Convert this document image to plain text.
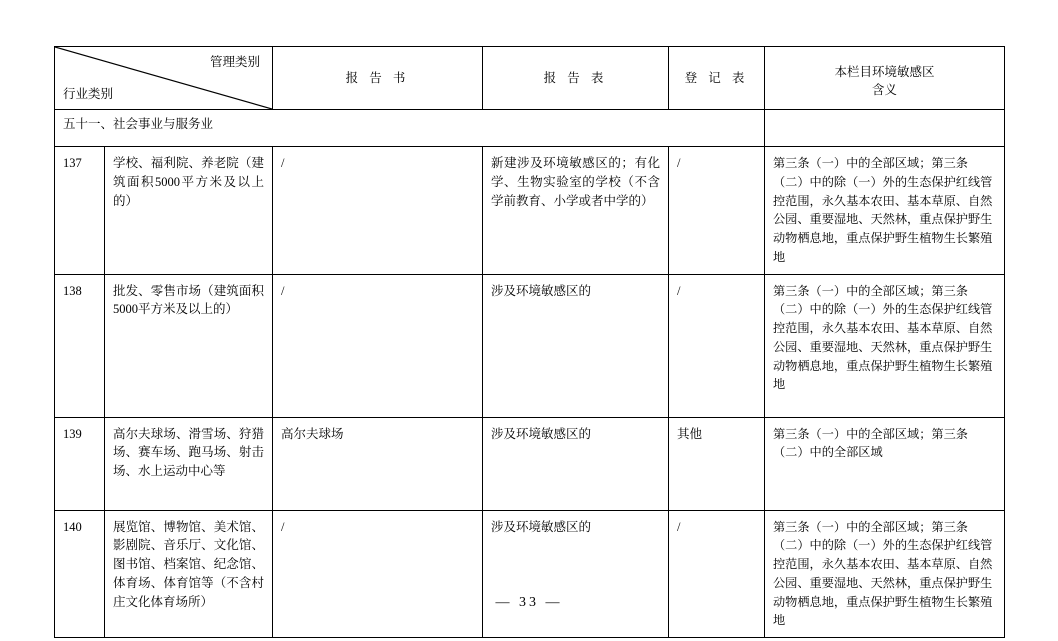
管理类别
行业类别		报 告 书	报 告 表	登 记 表	本栏目环境敏感区
含义

五十一、社会事业与服务业					
137	学校、福利院、养老院（建筑面积5000平方米及以上的）	/	新建涉及环境敏感区的；有化学、生物实验室的学校（不含学前教育、小学或者中学的）	/	第三条（一）中的全部区域；第三条（二）中的除（一）外的生态保护红线管控范围，永久基本农田、基本草原、自然公园、重要湿地、天然林，重点保护野生动物栖息地，重点保护野生植物生长繁殖地
138	批发、零售市场（建筑面积5000平方米及以上的）	/	涉及环境敏感区的	/	第三条（一）中的全部区域；第三条（二）中的除（一）外的生态保护红线管控范围，永久基本农田、基本草原、自然公园、重要湿地、天然林，重点保护野生动物栖息地，重点保护野生植物生长繁殖地
139	高尔夫球场、滑雪场、狩猎场、赛车场、跑马场、射击场、水上运动中心等	高尔夫球场	涉及环境敏感区的	其他	第三条（一）中的全部区域；第三条（二）中的全部区域
140	展览馆、博物馆、美术馆、影剧院、音乐厅、文化馆、图书馆、档案馆、纪念馆、体育场、体育馆等（不含村庄文化体育场所）	/	涉及环境敏感区的	/	第三条（一）中的全部区域；第三条（二）中的除（一）外的生态保护红线管控范围，永久基本农田、基本草原、自然公园、重要湿地、天然林，重点保护野生动物栖息地，重点保护野生植物生长繁殖地
— 33 —
